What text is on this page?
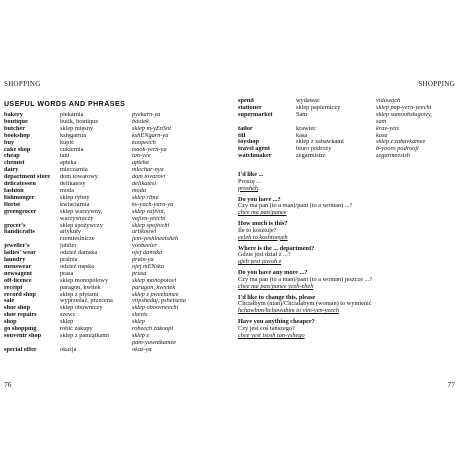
SHOPPING
USEFUL WORDS AND PHRASES
bakery	piekarnia	pyekarn-ya
boutique	butik, boutique	bootek
butcher	sklep mięsny	sklep m-yEnSni
bookshop	księgarnia	kshENgarn-ya
buy	kupić	koopeech
cake shop	cukiernia	tsook-yern-ya
cheap	tani	tan-yee
chemist	apteka	apteka
dairy	mleczarnia	mlechar-nya
department store	dom towarowy	dom tovarovi
delicatessen	delikatesy	delikatesi
fashion	moda	moda
fishmonger	sklep rybny	sklep ribni
florist	kwiaciarnia	kv-yach-yarn-ya
greengrocer	sklep warzywny,	sklep vajivni,
warzywniczy	vajivn-yeechi
grocer's	sklep spożywczy	sklep spojivchi
handicrafts	artykuły	artikoowi
rzemieślnicze	jem-yeshlneetsheh
jeweller's	jubiler	yoobeeler
ladies' wear	odzież damska	ojej damska
laundry	pralnia	praln-ya
menswear	odzież męska	ojej mENska
newsagent	prasa	prasa
off-licence	sklep monopolowy	sklep monopolovi
receipt	paragon, kwitek	paragon, kveetek
record shop	sklep z płytami	sklep z pweetamee
sale	wyprzedaż, przecena	viipshedaj, pshetsena
shoe shop	sklep obuwniczy	sklep oboovneechi
shoe repairs	szewc	shevts
shop	sklep	sklep
go shopping	robić zakupy	robeech zakoopi
souvenir shop	sklep z pamiątkami	sklep z
pam-yawntkamee
special offer	okazja	okaz-ya
76
SHOPPING
spend	wydawać	vidawach
stationer	sklep papierniczy	sklep pap-yern-yeechi
supermarket	Sam	sklep samoobsługowy,
sam
tailor	krawiec	krav-yets
till	kasa	kasa
toyshop	sklep z zabawkami	sklep z zabavkamee
travel agent	biuro podróży	b-yooro podroojl
watchmaker	zegarmistrz	zegarmeestsh
I'd like ...
Proszę ...
prosheh
Do you have ...?
Czy ma pan (to a man)/pani (to a woman) ...?
chee ma pan/panee
How much is this?
Ile to kosztuje?
eeleh to koshtooyeh
Where is the ... department?
Gdzie jest dział z ...?
gjeh yest jawoh z
Do you have any more ...?
Czy ma pan (to a man)/pani (to a woman) jeszcze ...?
chee ma pan/panee yesh-cheh
I'd like to change this, please
Chciałbym (man)/Chciałabym (woman) to wymienić
hchawbim/hchawabim to vim-yen-yeech
Have you anything cheaper?
Czy jest coś tańszego?
chee yest tsosh tan-yshego
77
